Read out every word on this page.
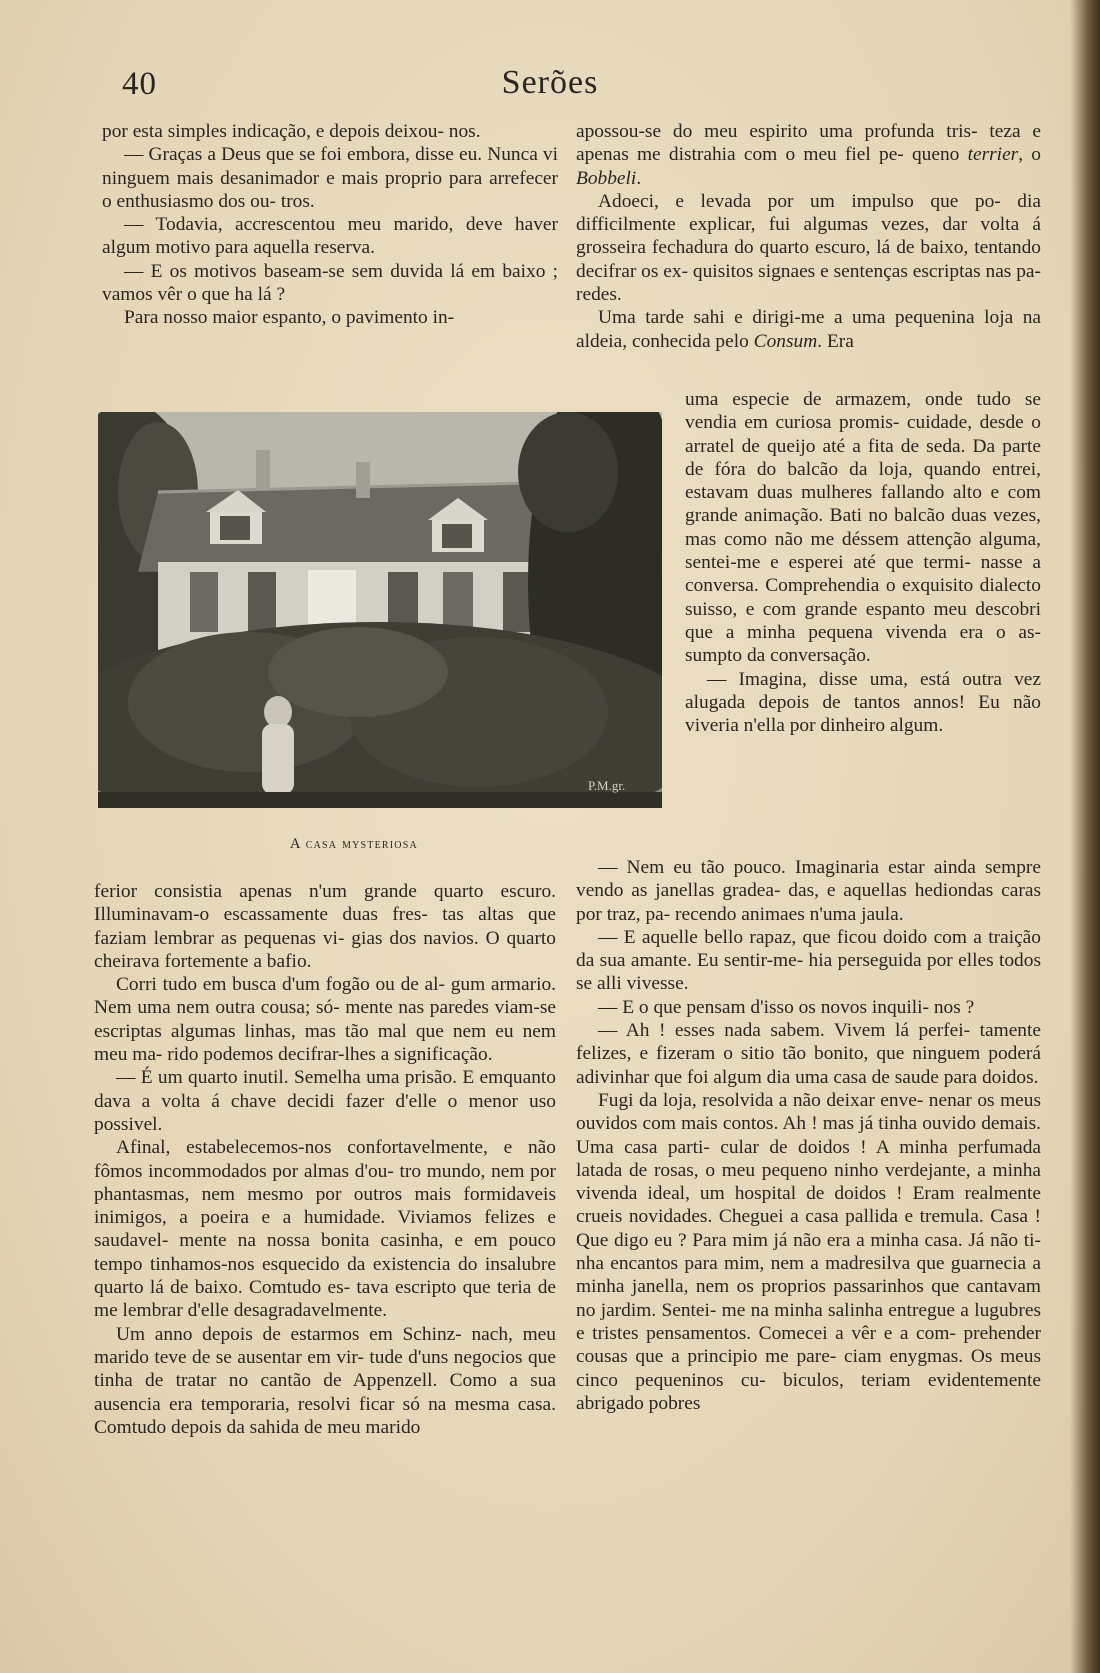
40	Serões

por esta simples indicação, e depois deixou- nos.

— Graças a Deus que se foi embora, disse eu. Nunca vi ninguem mais desanimador e mais proprio para arrefecer o enthusiasmo dos ou- tros.

— Todavia, accrescentou meu marido, deve haver algum motivo para aquella reserva.

— E os motivos baseam-se sem duvida lá em baixo ; vamos vêr o que ha lá ?

Para nosso maior espanto, o pavimento in-

P.M.gr.
A casa mysteriosa

ferior consistia apenas n'um grande quarto escuro. Illuminavam-o escassamente duas fres- tas altas que faziam lembrar as pequenas vi- gias dos navios. O quarto cheirava fortemente a bafio.

Corri tudo em busca d'um fogão ou de al- gum armario. Nem uma nem outra cousa; só- mente nas paredes viam-se escriptas algumas linhas, mas tão mal que nem eu nem meu ma- rido podemos decifrar-lhes a significação.

— É um quarto inutil. Semelha uma prisão. E emquanto dava a volta á chave decidi fazer d'elle o menor uso possivel.

Afinal, estabelecemos-nos confortavelmente, e não fômos incommodados por almas d'ou- tro mundo, nem por phantasmas, nem mesmo por outros mais formidaveis inimigos, a poeira e a humidade. Viviamos felizes e saudavel- mente na nossa bonita casinha, e em pouco tempo tinhamos-nos esquecido da existencia do insalubre quarto lá de baixo. Comtudo es- tava escripto que teria de me lembrar d'elle desagradavelmente.

Um anno depois de estarmos em Schinz- nach, meu marido teve de se ausentar em vir- tude d'uns negocios que tinha de tratar no cantão de Appenzell. Como a sua ausencia era temporaria, resolvi ficar só na mesma casa. Comtudo depois da sahida de meu marido

apossou-se do meu espirito uma profunda tris- teza e apenas me distrahia com o meu fiel pe- queno terrier, o Bobbeli.

Adoeci, e levada por um impulso que po- dia difficilmente explicar, fui algumas vezes, dar volta á grosseira fechadura do quarto escuro, lá de baixo, tentando decifrar os ex- quisitos signaes e sentenças escriptas nas pa- redes.

Uma tarde sahi e dirigi-me a uma pequenina loja na aldeia, conhecida pelo Consum. Era

uma especie de armazem, onde tudo se vendia em curiosa promis- cuidade, desde o arratel de queijo até a fita de seda. Da parte de fóra do balcão da loja, quando entrei, estavam duas mulheres fallando alto e com grande animação. Bati no balcão duas vezes, mas como não me déssem attenção alguma, sentei-me e esperei até que termi- nasse a conversa. Comprehendia o exquisito dialecto suisso, e com grande espanto meu descobri que a minha pequena vivenda era o as- sumpto da conversação.

— Imagina, disse uma, está outra vez alugada depois de tantos annos! Eu não viveria n'ella por dinheiro algum.

— Nem eu tão pouco. Imaginaria estar ainda sempre vendo as janellas gradea- das, e aquellas hediondas caras por traz, pa- recendo animaes n'uma jaula.

— E aquelle bello rapaz, que ficou doido com a traição da sua amante. Eu sentir-me- hia perseguida por elles todos se alli vivesse.

— E o que pensam d'isso os novos inquili- nos ?

— Ah ! esses nada sabem. Vivem lá perfei- tamente felizes, e fizeram o sitio tão bonito, que ninguem poderá adivinhar que foi algum dia uma casa de saude para doidos.

Fugi da loja, resolvida a não deixar enve- nenar os meus ouvidos com mais contos. Ah ! mas já tinha ouvido demais. Uma casa parti- cular de doidos ! A minha perfumada latada de rosas, o meu pequeno ninho verdejante, a minha vivenda ideal, um hospital de doidos ! Eram realmente crueis novidades. Cheguei a casa pallida e tremula. Casa ! Que digo eu ? Para mim já não era a minha casa. Já não ti- nha encantos para mim, nem a madresilva que guarnecia a minha janella, nem os proprios passarinhos que cantavam no jardim. Sentei- me na minha salinha entregue a lugubres e tristes pensamentos. Comecei a vêr e a com- prehender cousas que a principio me pare- ciam enygmas. Os meus cinco pequeninos cu- biculos, teriam evidentemente abrigado pobres
